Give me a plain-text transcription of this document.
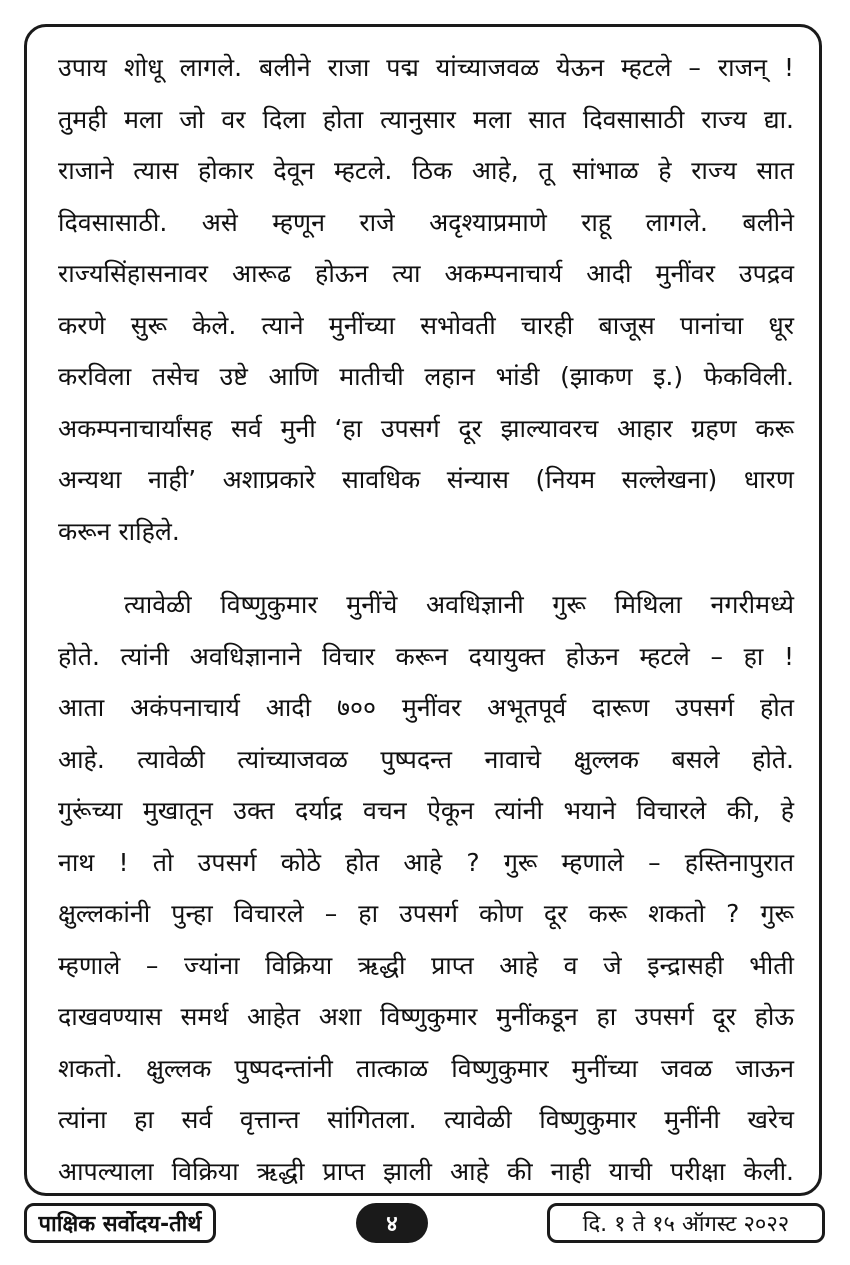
उपाय शोधू लागले. बलीने राजा पद्म यांच्याजवळ येऊन म्हटले – राजन् !
तुमही मला जो वर दिला होता त्यानुसार मला सात दिवसासाठी राज्य द्या.
राजाने त्यास होकार देवून म्हटले. ठिक आहे, तू सांभाळ हे राज्य सात
दिवसासाठी. असे म्हणून राजे अदृश्याप्रमाणे राहू लागले. बलीने
राज्यसिंहासनावर आरूढ होऊन त्या अकम्पनाचार्य आदी मुनींवर उपद्रव
करणे सुरू केले. त्याने मुनींच्या सभोवती चारही बाजूस पानांचा धूर
करविला तसेच उष्टे आणि मातीची लहान भांडी (झाकण इ.) फेकविली.
अकम्पनाचार्यांसह सर्व मुनी ‘हा उपसर्ग दूर झाल्यावरच आहार ग्रहण करू
अन्यथा नाही’ अशाप्रकारे सावधिक संन्यास (नियम सल्लेखना) धारण
करून राहिले.
त्यावेळी विष्णुकुमार मुनींचे अवधिज्ञानी गुरू मिथिला नगरीमध्ये
होते. त्यांनी अवधिज्ञानाने विचार करून दयायुक्त होऊन म्हटले – हा !
आता अकंपनाचार्य आदी ७०० मुनींवर अभूतपूर्व दारूण उपसर्ग होत
आहे. त्यावेळी त्यांच्याजवळ पुष्पदन्त नावाचे क्षुल्लक बसले होते.
गुरूंच्या मुखातून उक्त दर्याद्र वचन ऐकून त्यांनी भयाने विचारले की, हे
नाथ ! तो उपसर्ग कोठे होत आहे ? गुरू म्हणाले – हस्तिनापुरात
क्षुल्लकांनी पुन्हा विचारले – हा उपसर्ग कोण दूर करू शकतो ? गुरू
म्हणाले – ज्यांना विक्रिया ऋद्धी प्राप्त आहे व जे इन्द्रासही भीती
दाखवण्यास समर्थ आहेत अशा विष्णुकुमार मुनींकडून हा उपसर्ग दूर होऊ
शकतो. क्षुल्लक पुष्पदन्तांनी तात्काळ विष्णुकुमार मुनींच्या जवळ जाऊन
त्यांना हा सर्व वृत्तान्त सांगितला. त्यावेळी विष्णुकुमार मुनींनी खरेच
आपल्याला विक्रिया ऋद्धी प्राप्त झाली आहे की नाही याची परीक्षा केली.
पाक्षिक सर्वोदय-तीर्थ	४	दि. १ ते १५ ऑगस्ट २०२२
